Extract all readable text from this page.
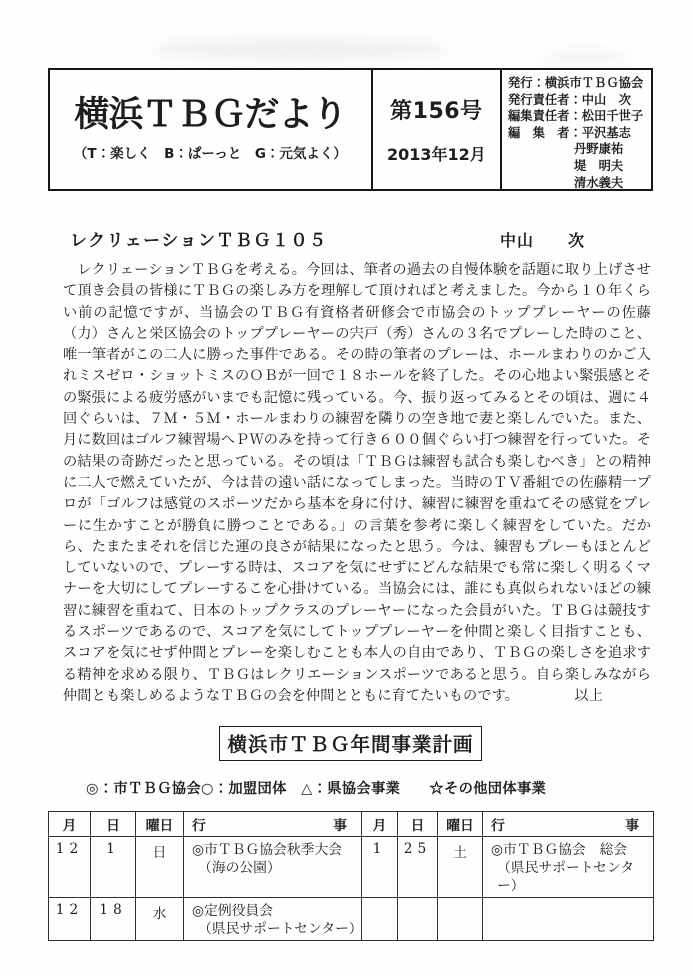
横浜ＴＢＧだより
（T：楽しく　B：ぱーっと　G：元気よく）
第156号
2013年12月
発行：横浜市ＴＢＧ協会
発行責任者：中山　次
編集責任者：松田千世子
編　集　者：平沢基志
丹野康祐
堤　明夫
清水義夫
レクリェーションＴＢＧ１０５	中山　　次

　レクリェーションＴＢＧを考える。今回は、筆者の過去の自慢体験を話題に取り上げさせて頂き会員の皆様にＴＢＧの楽しみ方を理解して頂ければと考えました。今から１０年くらい前の記憶ですが、当協会のＴＢＧ有資格者研修会で市協会のトッププレーヤーの佐藤（力）さんと栄区協会のトッププレーヤーの宍戸（秀）さんの３名でプレーした時のこと、唯一筆者がこの二人に勝った事件である。その時の筆者のプレーは、ホールまわりのかご入れミスゼロ・ショットミスのＯＢが一回で１８ホールを終了した。その心地よい緊張感とその緊張による疲労感がいまでも記憶に残っている。今、振り返ってみるとその頃は、週に４回ぐらいは、７Ｍ・５Ｍ・ホールまわりの練習を隣りの空き地で妻と楽しんでいた。また、月に数回はゴルフ練習場へＰＷのみを持って行き６００個ぐらい打つ練習を行っていた。その結果の奇跡だったと思っている。その頃は「ＴＢＧは練習も試合も楽しむべき」との精神に二人で燃えていたが、今は昔の遠い話になってしまった。当時のＴＶ番組での佐藤精一プロが「ゴルフは感覚のスポーツだから基本を身に付け、練習に練習を重ねてその感覚をプレーに生かすことが勝負に勝つことである。」の言葉を参考に楽しく練習をしていた。だから、たまたまそれを信じた運の良さが結果になったと思う。今は、練習もプレーもほとんどしていないので、プレーする時は、スコアを気にせずにどんな結果でも常に楽しく明るくマナーを大切にしてプレーするこを心掛けている。当協会には、誰にも真似られないほどの練習に練習を重ねて、日本のトップクラスのプレーヤーになった会員がいた。ＴＢＧは競技するスポーツであるので、スコアを気にしてトッププレーヤーを仲間と楽しく目指すことも、スコアを気にせず仲間とプレーを楽しむことも本人の自由であり、ＴＢＧの楽しさを追求する精神を求める限り、ＴＢＧはレクリエーションスポーツであると思う。自ら楽しみながら仲間とも楽しめるようなＴＢＧの会を仲間とともに育てたいものです。	以上

横浜市ＴＢＧ年間事業計画
◎：市ＴＢＧ協会○：加盟団体　△：県協会事業　　☆その他団体事業
月	日	曜日	行 事	月	日	曜日	行 事

12	1	日	◎市ＴＢＧ協会秋季大会
（海の公園）
	1	25	土	◎市ＴＢＧ協会　総会
（県民サポートセンター）

12	18	水	◎定例役員会
（県民サポートセンター）				
